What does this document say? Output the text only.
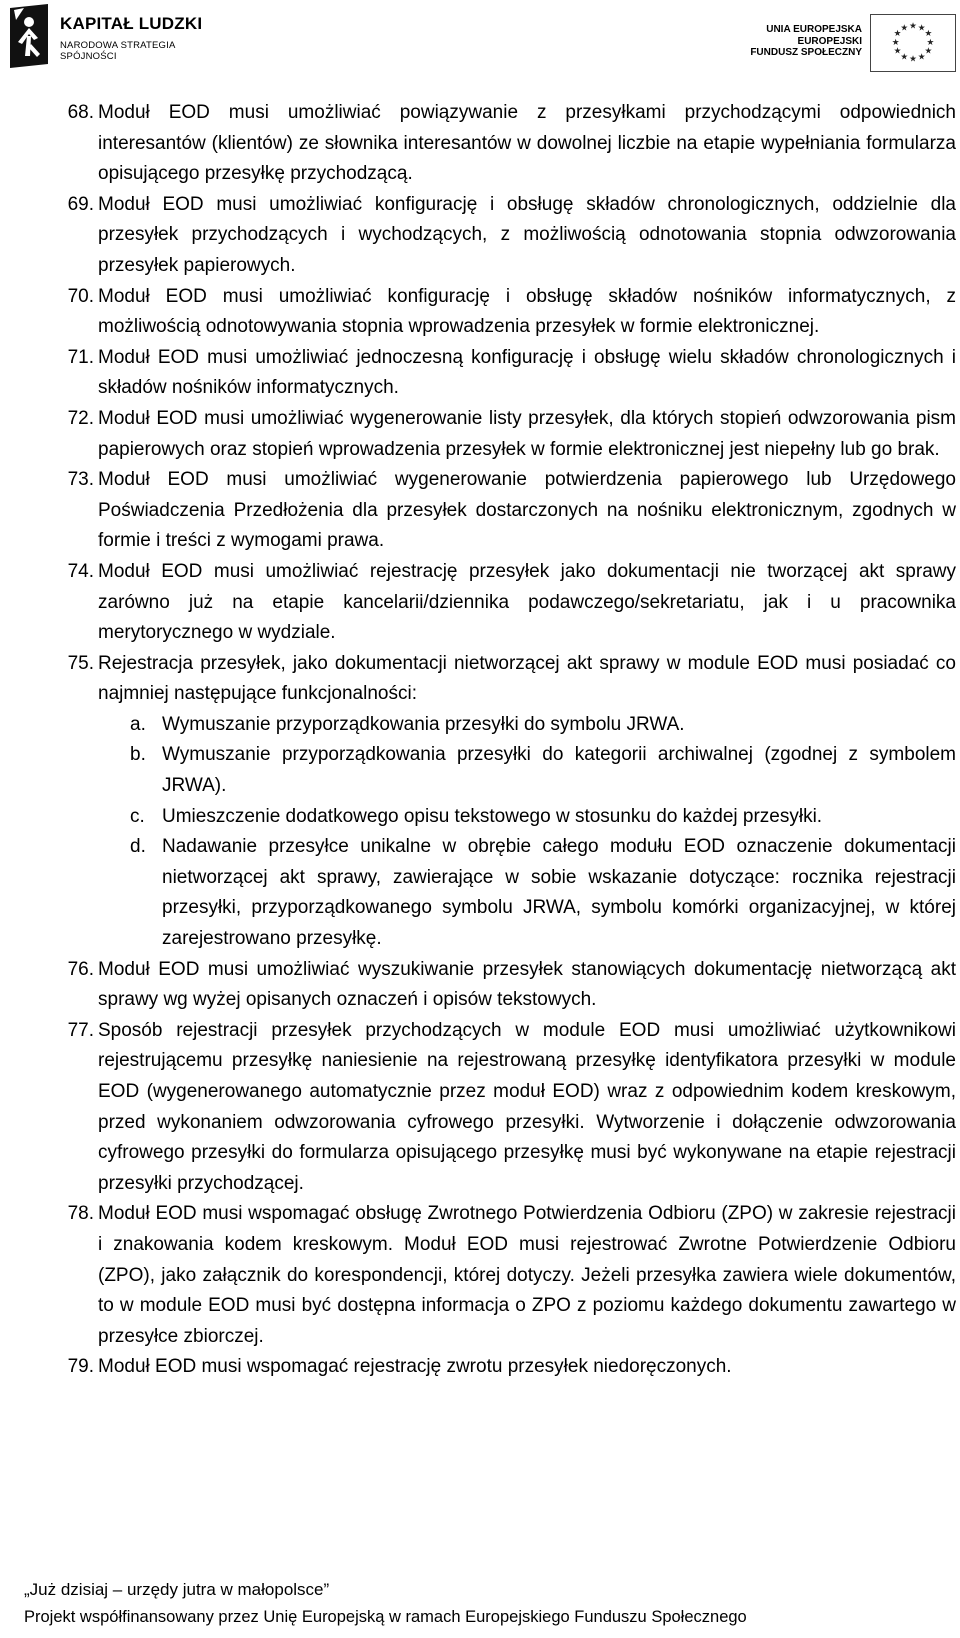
KAPITAŁ LUDZKI
NARODOWA STRATEGIA SPÓJNOŚCI
UNIA EUROPEJSKA
EUROPEJSKI
FUNDUSZ SPOŁECZNY
★ ★
★
★
★
★
★
★
★
★
★
★
68. Moduł EOD musi umożliwiać powiązywanie z przesyłkami przychodzącymi odpowiednich interesantów (klientów) ze słownika interesantów w dowolnej liczbie na etapie wypełniania formularza opisującego przesyłkę przychodzącą.
69. Moduł EOD musi umożliwiać konfigurację i obsługę składów chronologicznych, oddzielnie dla przesyłek przychodzących i wychodzących, z możliwością odnotowania stopnia odwzorowania przesyłek papierowych.
70. Moduł EOD musi umożliwiać konfigurację i obsługę składów nośników informatycznych, z możliwością odnotowywania stopnia wprowadzenia przesyłek w formie elektronicznej.
71. Moduł EOD musi umożliwiać jednoczesną konfigurację i obsługę wielu składów chronologicznych i składów nośników informatycznych.
72. Moduł EOD musi umożliwiać wygenerowanie listy przesyłek, dla których stopień odwzorowania pism papierowych oraz stopień wprowadzenia przesyłek w formie elektronicznej jest niepełny lub go brak.
73. Moduł EOD musi umożliwiać wygenerowanie potwierdzenia papierowego lub Urzędowego Poświadczenia Przedłożenia dla przesyłek dostarczonych na nośniku elektronicznym, zgodnych w formie i treści z wymogami prawa.
74. Moduł EOD musi umożliwiać rejestrację przesyłek jako dokumentacji nie tworzącej akt sprawy zarówno już na etapie kancelarii/dziennika podawczego/sekretariatu, jak i u pracownika merytorycznego w wydziale.
75. Rejestracja przesyłek, jako dokumentacji nietworzącej akt sprawy w module EOD musi posiadać co najmniej następujące funkcjonalności:
a. Wymuszanie przyporządkowania przesyłki do symbolu JRWA.
b. Wymuszanie przyporządkowania przesyłki do kategorii archiwalnej (zgodnej z symbolem JRWA).
c. Umieszczenie dodatkowego opisu tekstowego w stosunku do każdej przesyłki.
d. Nadawanie przesyłce unikalne w obrębie całego modułu EOD oznaczenie dokumentacji nietworzącej akt sprawy, zawierające w sobie wskazanie dotyczące: rocznika rejestracji przesyłki, przyporządkowanego symbolu JRWA, symbolu komórki organizacyjnej, w której zarejestrowano przesyłkę.
76. Moduł EOD musi umożliwiać wyszukiwanie przesyłek stanowiących dokumentację nietworzącą akt sprawy wg wyżej opisanych oznaczeń i opisów tekstowych.
77. Sposób rejestracji przesyłek przychodzących w module EOD musi umożliwiać użytkownikowi rejestrującemu przesyłkę naniesienie na rejestrowaną przesyłkę identyfikatora przesyłki w module EOD (wygenerowanego automatycznie przez moduł EOD) wraz z odpowiednim kodem kreskowym, przed wykonaniem odwzorowania cyfrowego przesyłki. Wytworzenie i dołączenie odwzorowania cyfrowego przesyłki do formularza opisującego przesyłkę musi być wykonywane na etapie rejestracji przesyłki przychodzącej.
78. Moduł EOD musi wspomagać obsługę Zwrotnego Potwierdzenia Odbioru (ZPO) w zakresie rejestracji i znakowania kodem kreskowym. Moduł EOD musi rejestrować Zwrotne Potwierdzenie Odbioru (ZPO), jako załącznik do korespondencji, której dotyczy. Jeżeli przesyłka zawiera wiele dokumentów, to w module EOD musi być dostępna informacja o ZPO z poziomu każdego dokumentu zawartego w przesyłce zbiorczej.
79. Moduł EOD musi wspomagać rejestrację zwrotu przesyłek niedoręczonych.
„Już dzisiaj – urzędy jutra w małopolsce”
Projekt współfinansowany przez Unię Europejską w ramach Europejskiego Funduszu Społecznego
